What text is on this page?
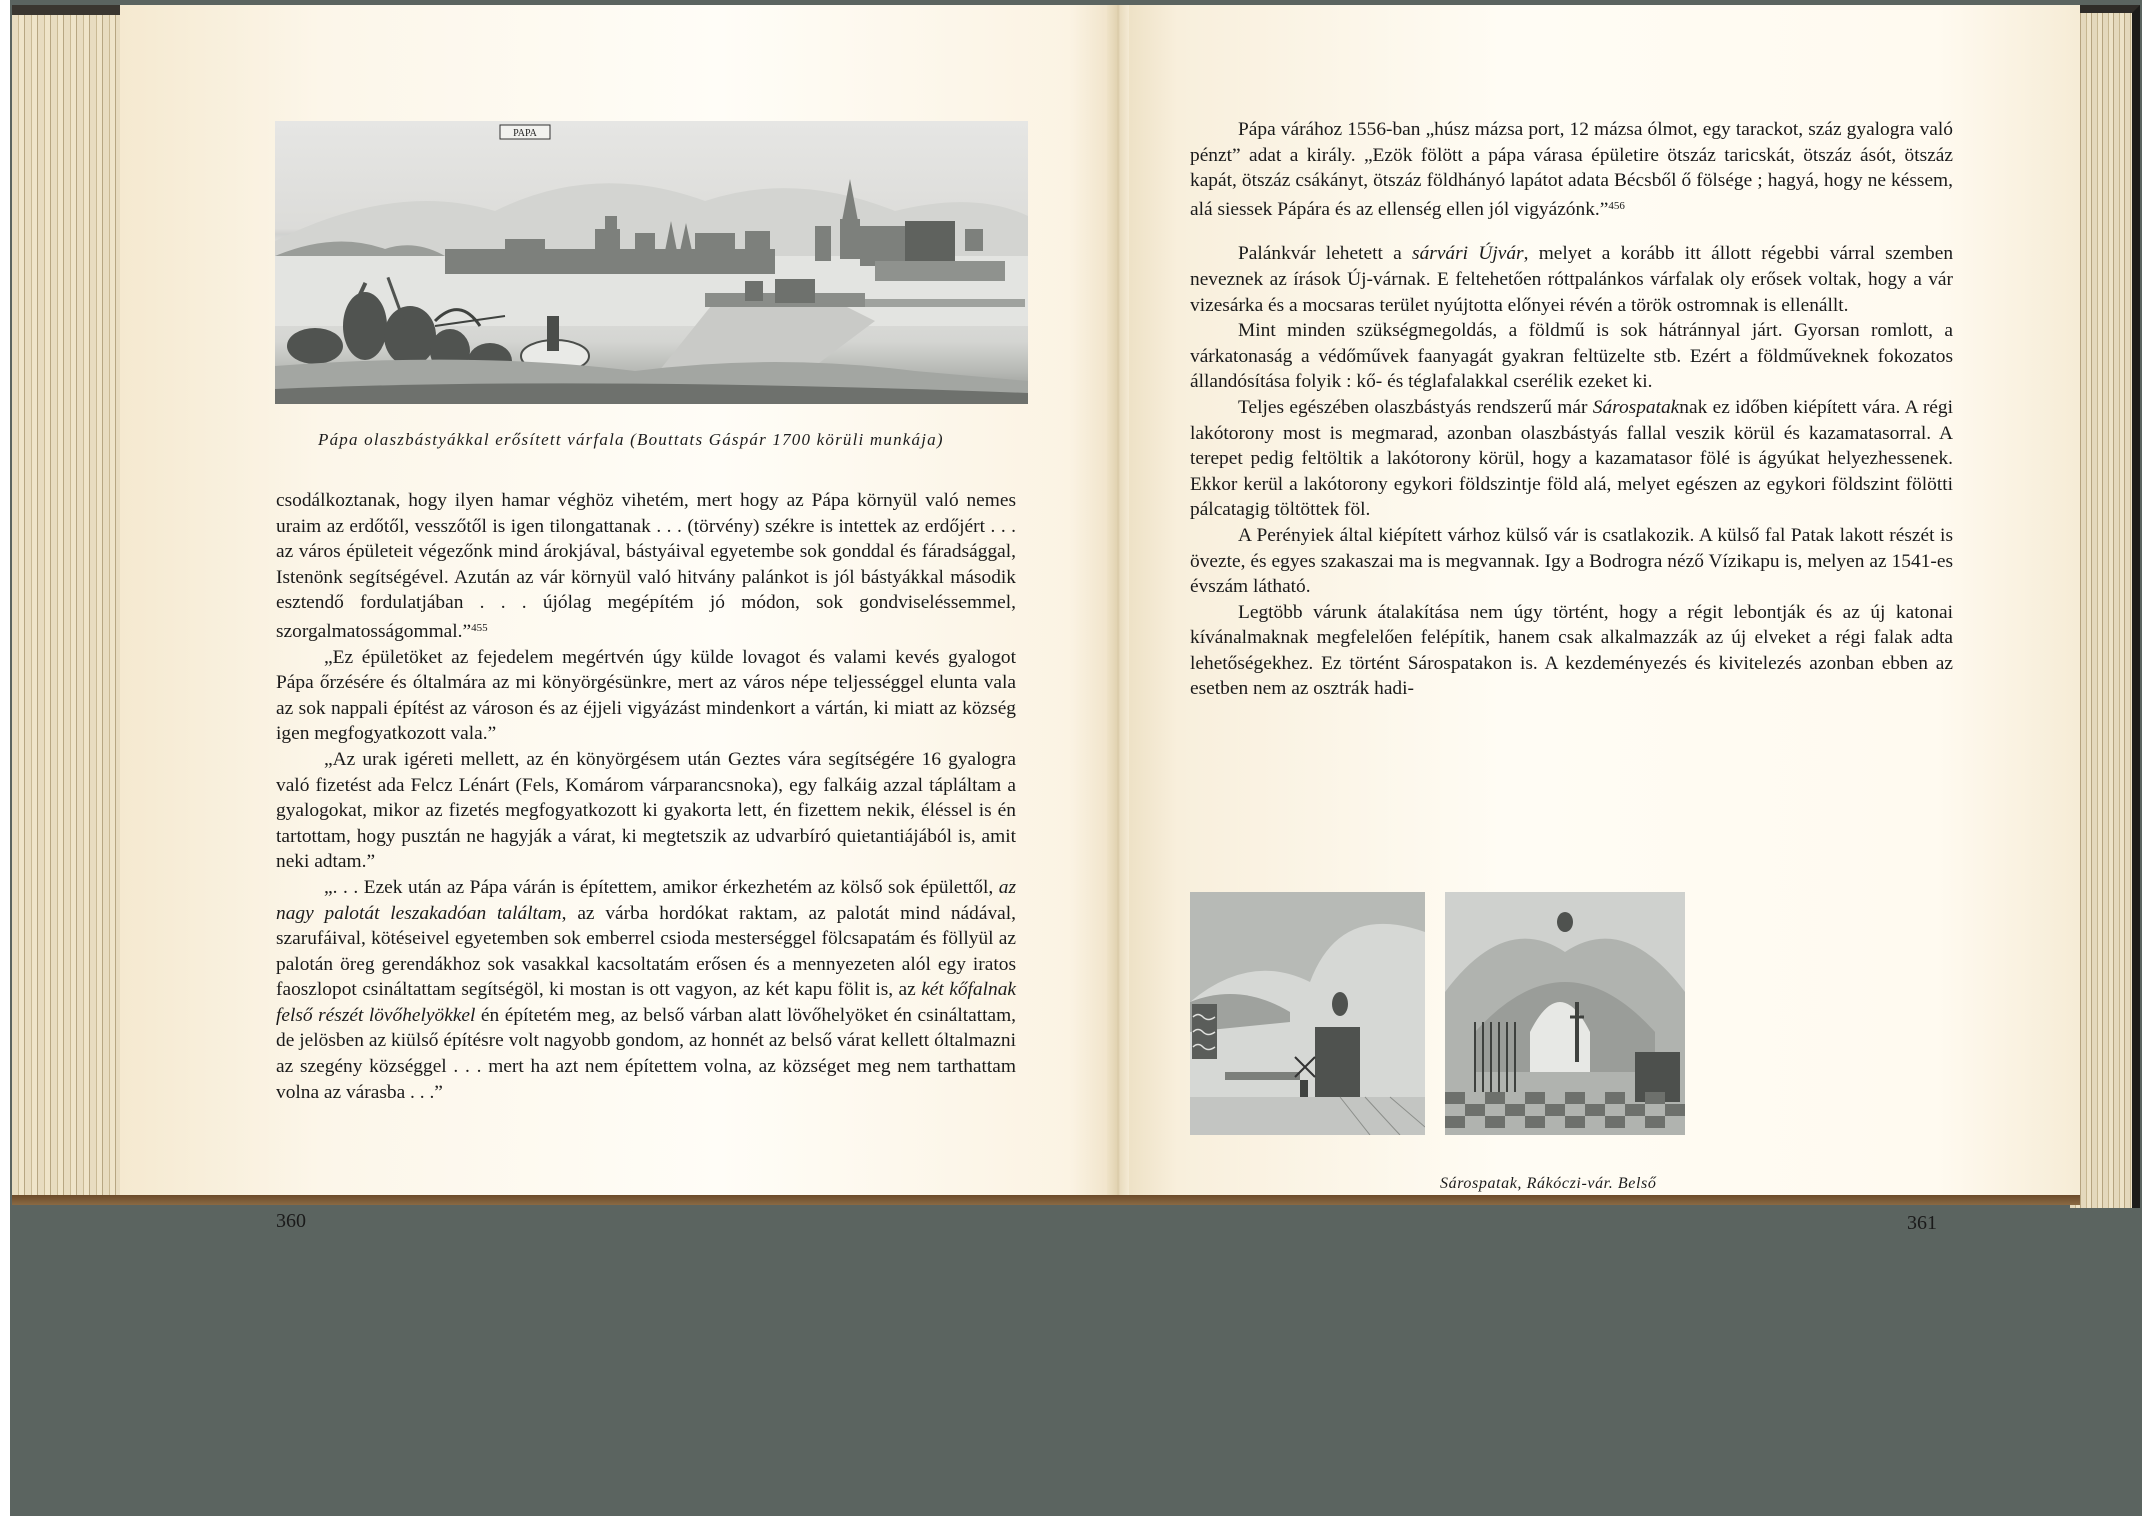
PAPA
Pápa olaszbástyákkal erősített várfala (Bouttats Gáspár 1700 körüli munkája)

csodálkoztanak, hogy ilyen hamar véghöz vihetém, mert hogy az Pápa környül való nemes uraim az erdőtől, vesszőtől is igen tilongattanak . . . (törvény) székre is intettek az erdőjért . . . az város épületeit végezőnk mind árokjával, bástyáival egyetembe sok gonddal és fáradsággal, Istenönk segítségével. Azután az vár környül való hitvány palánkot is jól bástyákkal második esztendő fordulatjában . . . újólag megépítém jó módon, sok gondviseléssemmel, szorgalmatosságommal.”$^{455}$

„Ez épületöket az fejedelem megértvén úgy külde lovagot és valami kevés gyalogot Pápa őrzésére és óltalmára az mi könyörgésünkre, mert az város népe teljességgel elunta vala az sok nappali építést az városon és az éjjeli vigyázást mindenkort a vártán, ki miatt az község igen megfogyatkozott vala.”

„Az urak igéreti mellett, az én könyörgésem után Geztes vára segítségére 16 gyalogra való fizetést ada Felcz Lénárt (Fels, Komárom várparancsnoka), egy falkáig azzal tápláltam a gyalogokat, mikor az fizetés megfogyatkozott ki gyakorta lett, én fizettem nekik, éléssel is én tartottam, hogy pusztán ne hagyják a várat, ki megtetszik az udvarbíró quietantiájából is, amit neki adtam.”

„. . . Ezek után az Pápa várán is építettem, amikor érkezhetém az kölső sok épülettől, az nagy palotát leszakadóan találtam, az várba hordókat raktam, az palotát mind nádával, szarufáival, kötéseivel egyetemben sok emberrel csioda mesterséggel fölcsapatám és föllyül az palotán öreg gerendákhoz sok vasakkal kacsoltatám erősen és a mennyezeten alól egy iratos faoszlopot csináltattam segítségöl, ki mostan is ott vagyon, az két kapu fölit is, az két kőfalnak felső részét lövőhelyökkel én építetém meg, az belső várban alatt lövőhelyöket én csináltattam, de jelösben az kiülső építésre volt nagyobb gondom, az honnét az belső várat kellett óltalmazni az szegény községgel . . . mert ha azt nem építettem volna, az községet meg nem tarthattam volna az várasba . . .”

360

Pápa várához 1556-ban „húsz mázsa port, 12 mázsa ólmot, egy tarackot, száz gyalogra való pénzt” adat a király. „Ezök fölött a pápa várasa épületire ötszáz taricskát, ötszáz ásót, ötszáz kapát, ötszáz csákányt, ötszáz földhányó lapátot adata Bécsből ő fölsége ; hagyá, hogy ne késsem, alá siessek Pápára és az ellenség ellen jól vigyázónk.”$^{456}$

Palánkvár lehetett a sárvári Újvár, melyet a korább itt állott régebbi várral szemben neveznek az írások Új-várnak. E feltehetően róttpalánkos várfalak oly erősek voltak, hogy a vár vizesárka és a mocsaras terület nyújtotta előnyei révén a török ostromnak is ellenállt.

Mint minden szükségmegoldás, a földmű is sok hátránnyal járt. Gyorsan romlott, a várkatonaság a védőművek faanyagát gyakran feltüzelte stb. Ezért a földműveknek fokozatos állandósítása folyik : kő- és téglafalakkal cserélik ezeket ki.

Teljes egészében olaszbástyás rendszerű már Sárospataknak ez időben kiépített vára. A régi lakótorony most is megmarad, azonban olaszbástyás fallal veszik körül és kazamatasorral. A terepet pedig feltöltik a lakótorony körül, hogy a kazamatasor fölé is ágyúkat helyezhessenek. Ekkor kerül a lakótorony egykori földszintje föld alá, melyet egészen az egykori földszint fölötti pálcatagig töltöttek föl.

A Perényiek által kiépített várhoz külső vár is csatlakozik. A külső fal Patak lakott részét is övezte, és egyes szakaszai ma is megvannak. Igy a Bodrogra néző Vízikapu is, melyen az 1541-es évszám látható.

Legtöbb várunk átalakítása nem úgy történt, hogy a régit lebontják és az új katonai kívánalmaknak megfelelően felépítik, hanem csak alkalmazzák az új elveket a régi falak adta lehetőségekhez. Ez történt Sárospatakon is. A kezdeményezés és kivitelezés azonban ebben az esetben nem az osztrák hadi-

Sárospatak, Rákóczi-vár. Belső
361
